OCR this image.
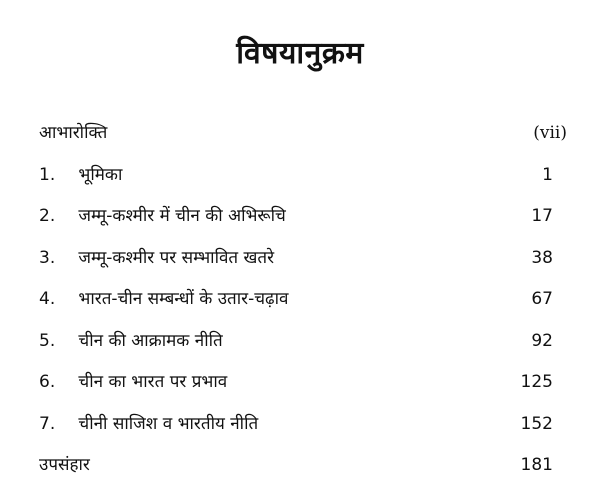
विषयानुक्रम
आभारोक्ति	(vii)
1. भूमिका	1
2. जम्मू-कश्मीर में चीन की अभिरूचि	17
3. जम्मू-कश्मीर पर सम्भावित खतरे	38
4. भारत-चीन सम्बन्धों के उतार-चढ़ाव	67
5. चीन की आक्रामक नीति	92
6. चीन का भारत पर प्रभाव	125
7. चीनी साजिश व भारतीय नीति	152
उपसंहार	181
